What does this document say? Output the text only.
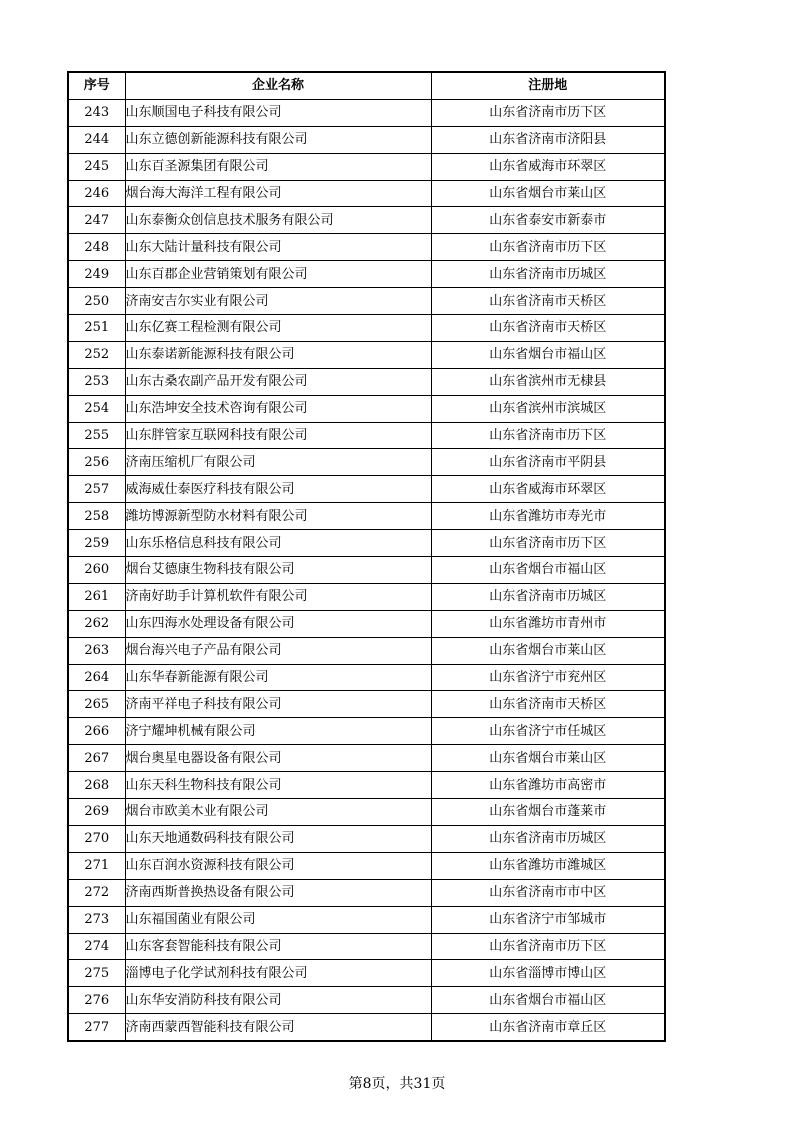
序号	企业名称	注册地
243	山东顺国电子科技有限公司	山东省济南市历下区
244	山东立德创新能源科技有限公司	山东省济南市济阳县
245	山东百圣源集团有限公司	山东省威海市环翠区
246	烟台海大海洋工程有限公司	山东省烟台市莱山区
247	山东泰衡众创信息技术服务有限公司	山东省泰安市新泰市
248	山东大陆计量科技有限公司	山东省济南市历下区
249	山东百郡企业营销策划有限公司	山东省济南市历城区
250	济南安吉尔实业有限公司	山东省济南市天桥区
251	山东亿赛工程检测有限公司	山东省济南市天桥区
252	山东泰诺新能源科技有限公司	山东省烟台市福山区
253	山东古桑农副产品开发有限公司	山东省滨州市无棣县
254	山东浩坤安全技术咨询有限公司	山东省滨州市滨城区
255	山东胖管家互联网科技有限公司	山东省济南市历下区
256	济南压缩机厂有限公司	山东省济南市平阴县
257	威海威仕泰医疗科技有限公司	山东省威海市环翠区
258	潍坊博源新型防水材料有限公司	山东省潍坊市寿光市
259	山东乐格信息科技有限公司	山东省济南市历下区
260	烟台艾德康生物科技有限公司	山东省烟台市福山区
261	济南好助手计算机软件有限公司	山东省济南市历城区
262	山东四海水处理设备有限公司	山东省潍坊市青州市
263	烟台海兴电子产品有限公司	山东省烟台市莱山区
264	山东华春新能源有限公司	山东省济宁市兖州区
265	济南平祥电子科技有限公司	山东省济南市天桥区
266	济宁耀坤机械有限公司	山东省济宁市任城区
267	烟台奥星电器设备有限公司	山东省烟台市莱山区
268	山东天科生物科技有限公司	山东省潍坊市高密市
269	烟台市欧美木业有限公司	山东省烟台市蓬莱市
270	山东天地通数码科技有限公司	山东省济南市历城区
271	山东百润水资源科技有限公司	山东省潍坊市潍城区
272	济南西斯普换热设备有限公司	山东省济南市市中区
273	山东福国菌业有限公司	山东省济宁市邹城市
274	山东客套智能科技有限公司	山东省济南市历下区
275	淄博电子化学试剂科技有限公司	山东省淄博市博山区
276	山东华安消防科技有限公司	山东省烟台市福山区
277	济南西蒙西智能科技有限公司	山东省济南市章丘区
第8页，共31页
